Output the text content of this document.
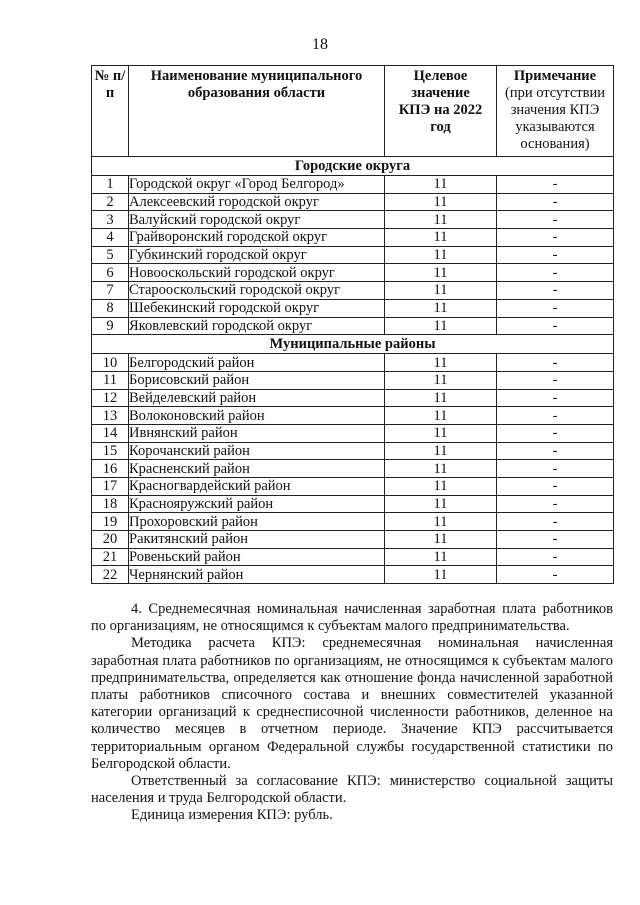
18
№ п/п	Наименование муниципального образования области	Целевое значение КПЭ на 2022 год	Примечание
(при отсутствии значения КПЭ указываются основания)

Городские округа			
1	Городской округ «Город Белгород»	11	-
2	Алексеевский городской округ	11	-
3	Валуйский городской округ	11	-
4	Грайворонский городской округ	11	-
5	Губкинский городской округ	11	-
6	Новооскольский городской округ	11	-
7	Старооскольский городской округ	11	-
8	Шебекинский городской округ	11	-
9	Яковлевский городской округ	11	-
Муниципальные районы			
10	Белгородский район	11	-
11	Борисовский район	11	-
12	Вейделевский район	11	-
13	Волоконовский район	11	-
14	Ивнянский район	11	-
15	Корочанский район	11	-
16	Красненский район	11	-
17	Красногвардейский район	11	-
18	Краснояружский район	11	-
19	Прохоровский район	11	-
20	Ракитянский район	11	-
21	Ровеньский район	11	-
22	Чернянский район	11	-

4. Среднемесячная номинальная начисленная заработная плата работников по организациям, не относящимся к субъектам малого предпринимательства.

Методика расчета КПЭ: среднемесячная номинальная начисленная заработная плата работников по организациям, не относящимся к субъектам малого предпринимательства, определяется как отношение фонда начисленной заработной платы работников списочного состава и внешних совместителей указанной категории организаций к среднесписочной численности работников, деленное на количество месяцев в отчетном периоде. Значение КПЭ рассчитывается территориальным органом Федеральной службы государственной статистики по Белгородской области.

Ответственный за согласование КПЭ: министерство социальной защиты населения и труда Белгородской области.

Единица измерения КПЭ: рубль.
